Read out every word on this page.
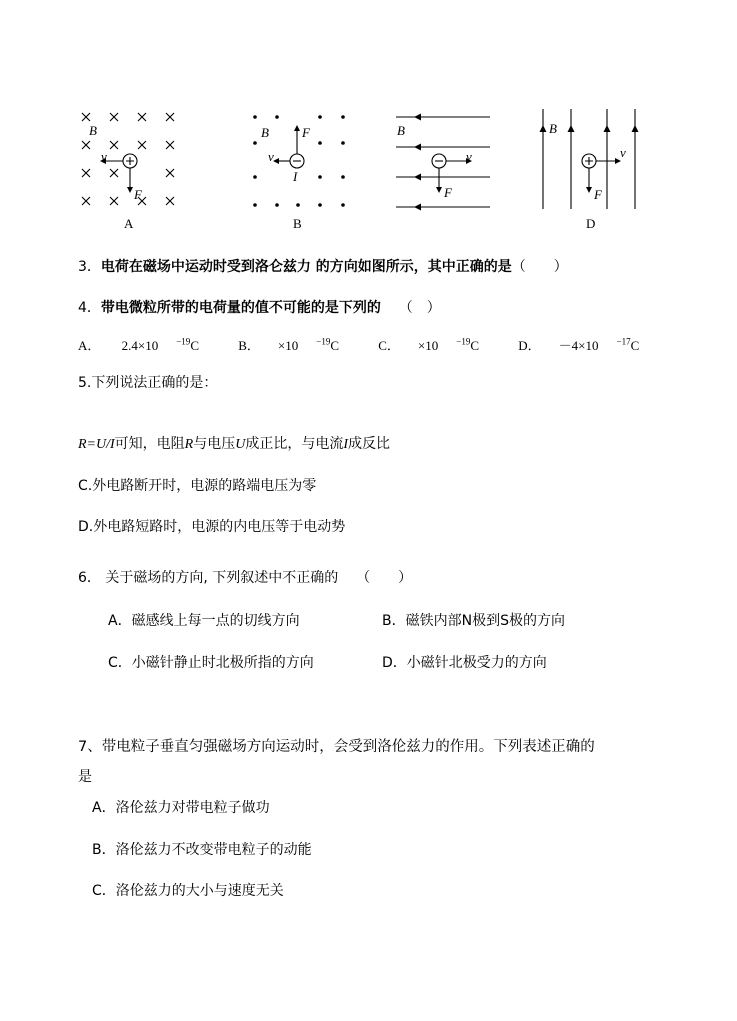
B
v
F
A
B	F
v
I
B
B
v
F
B
v
F
D
3．电荷在磁场中运动时受到洛仑兹力 的方向如图所示，其中正确的是（　　）
4．带电微粒所带的电荷量的值不可能的是下列的 （　）
A． 2.4×10 $^{-19}$C	B． ×10 $^{-19}$C	C． ×10 $^{-19}$C	D． －4×10 $^{-17}$C
5.下列说法正确的是：
R=U/I可知，电阻R与电压U成正比，与电流I成反比
C.外电路断开时，电源的路端电压为零
D.外电路短路时，电源的内电压等于电动势
6． 关于磁场的方向, 下列叙述中不正确的 （　　）
A．磁感线上每一点的切线方向	B．磁铁内部N极到S极的方向
C．小磁针静止时北极所指的方向	D．小磁针北极受力的方向
7、带电粒子垂直匀强磁场方向运动时，会受到洛伦兹力的作用。下列表述正确的
是
A．洛伦兹力对带电粒子做功
B．洛伦兹力不改变带电粒子的动能
C．洛伦兹力的大小与速度无关
